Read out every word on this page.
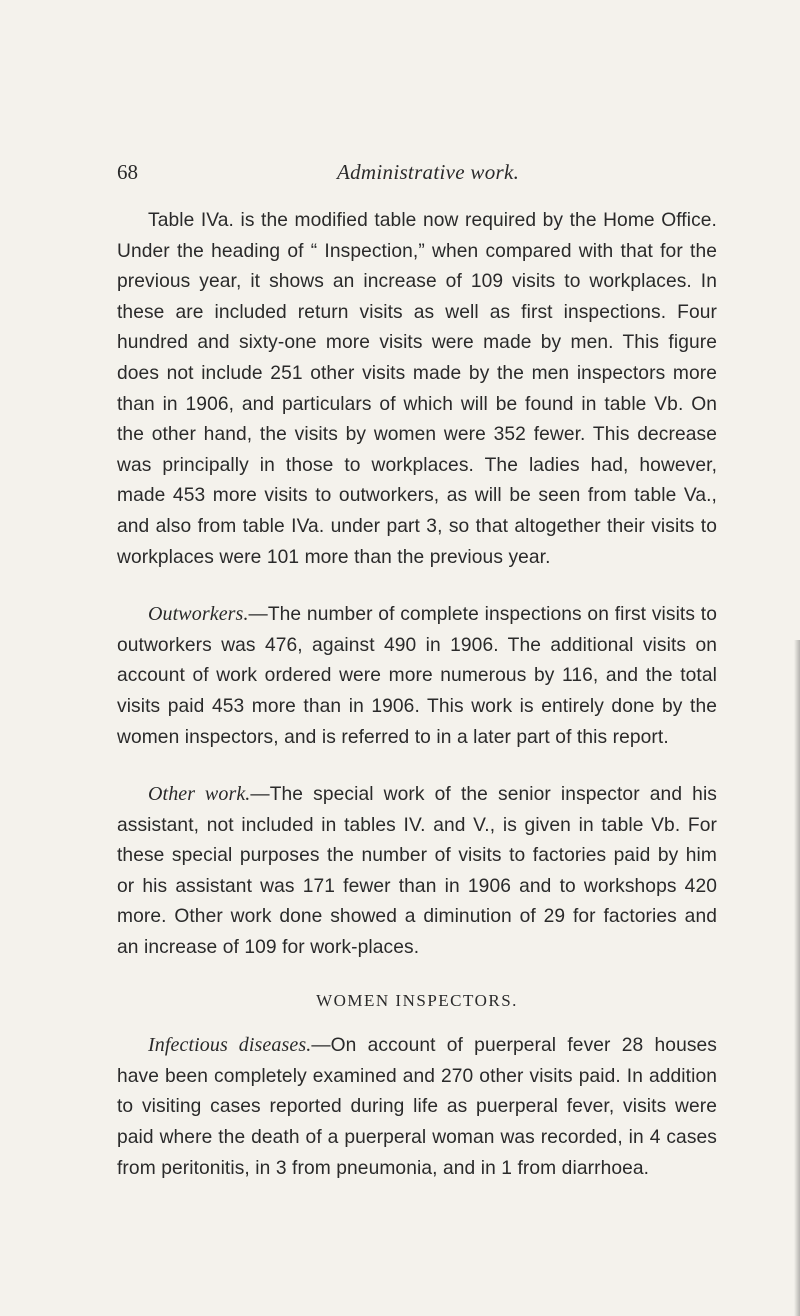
68	Administrative work.

Table IVa. is the modified table now required by the Home Office. Under the heading of “ Inspection,” when compared with that for the previous year, it shows an increase of 109 visits to workplaces. In these are included return visits as well as first inspections. Four hundred and sixty-one more visits were made by men. This figure does not include 251 other visits made by the men inspectors more than in 1906, and particulars of which will be found in table Vb. On the other hand, the visits by women were 352 fewer. This decrease was principally in those to workplaces. The ladies had, however, made 453 more visits to outworkers, as will be seen from table Va., and also from table IVa. under part 3, so that altogether their visits to workplaces were 101 more than the previous year.

Outworkers.—The number of complete inspections on first visits to outworkers was 476, against 490 in 1906. The additional visits on account of work ordered were more numerous by 116, and the total visits paid 453 more than in 1906. This work is entirely done by the women inspectors, and is referred to in a later part of this report.

Other work.—The special work of the senior inspector and his assistant, not included in tables IV. and V., is given in table Vb. For these special purposes the number of visits to factories paid by him or his assistant was 171 fewer than in 1906 and to workshops 420 more. Other work done showed a diminution of 29 for factories and an increase of 109 for work-places.

WOMEN INSPECTORS.

Infectious diseases.—On account of puerperal fever 28 houses have been completely examined and 270 other visits paid. In addition to visiting cases reported during life as puerperal fever, visits were paid where the death of a puerperal woman was recorded, in 4 cases from peritonitis, in 3 from pneumonia, and in 1 from diarrhoea.
